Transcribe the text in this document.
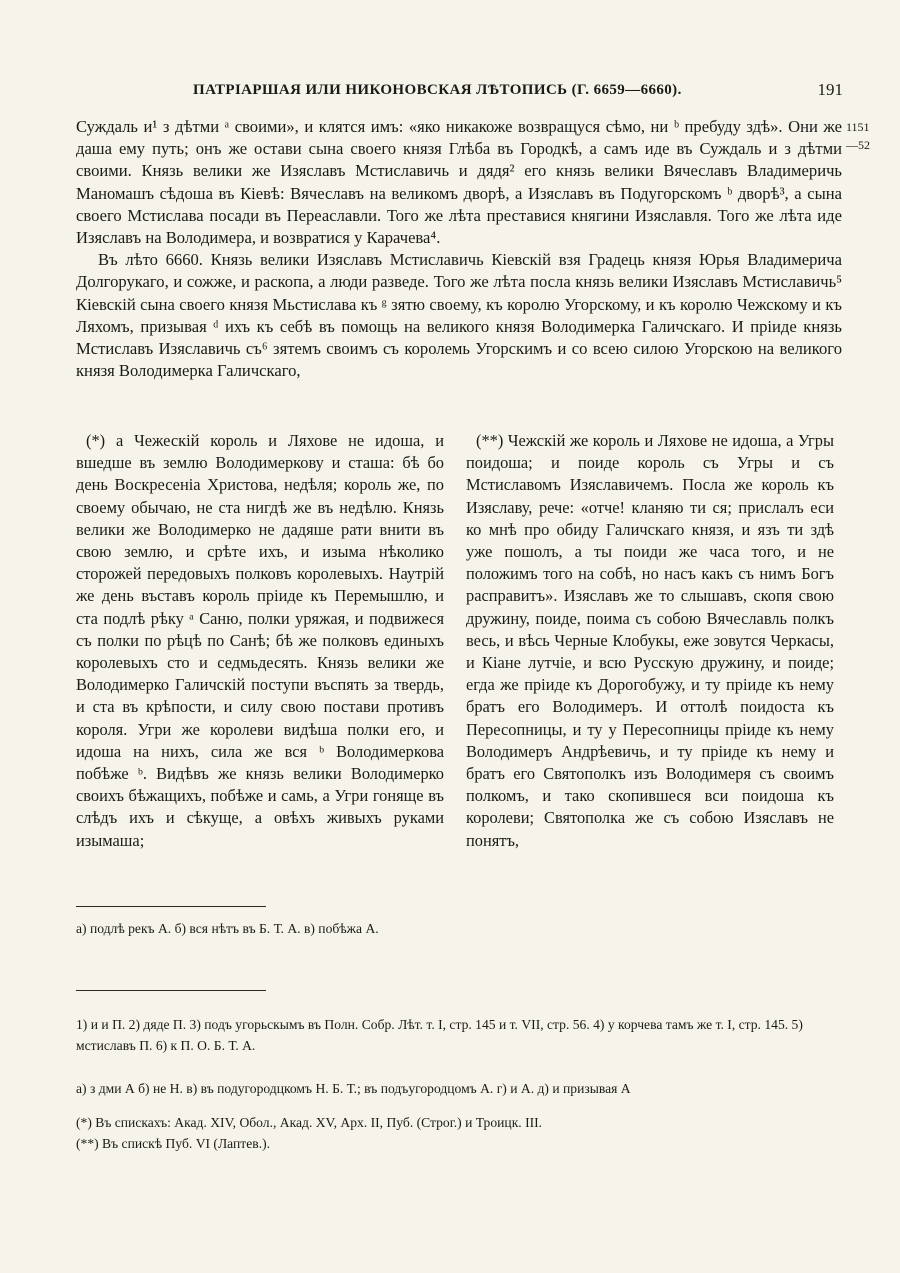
ПАТРІАРШАЯ ИЛИ НИКОНОВСКАЯ ЛѢТОПИСЬ (Г. 6659—6660).	191
1151
—52

Суждаль и¹ з дѣтми ᵃ своими», и клятся имъ: «яко никакоже возвращуся сѣмо, ни ᵇ пребуду здѣ». Они же даша ему путь; онъ же остави сына своего князя Глѣба въ Городкѣ, а самъ иде въ Суждаль и з дѣтми своими. Князь велики же Изяславъ Мстиславичь и дядя² его князь велики Вячеславъ Владимеричь Маномашъ сѣдоша въ Кіевѣ: Вячеславъ на великомъ дворѣ, а Изяславъ въ Подугорскомъ ᵇ дворѣ³, а сына своего Мстислава посади въ Переаславли. Того же лѣта преставися княгини Изяславля. Того же лѣта иде Изяславъ на Володимера, и возвратися у Карачева⁴.

Въ лѣто 6660. Князь велики Изяславъ Мстиславичь Кіевскій взя Градець князя Юрья Владимерича Долгорукаго, и сожже, и раскопа, а люди разведе. Того же лѣта посла князь велики Изяславъ Мстиславичь⁵ Кіевскій сына своего князя Мьстислава къ ᵍ зятю своему, къ королю Угорскому, и къ королю Чежскому и къ Ляхомъ, призывая ᵈ ихъ къ себѣ въ помощь на великого князя Володимерка Галичскаго. И пріиде князь Мстиславъ Изяславичь съ⁶ зятемъ своимъ съ королемь Угорскимъ и со всею силою Угорскою на великого князя Володимерка Галичскаго,

(*) а Чежескій король и Ляхове не идоша, и вшедше въ землю Володимеркову и сташа: бѣ бо день Воскресеніа Христова, недѣля; король же, по своему обычаю, не ста нигдѣ же въ недѣлю. Князь велики же Володимерко не дадяше рати внити въ свою землю, и срѣте ихъ, и изыма нѣколико сторожей передовыхъ полковъ королевыхъ. Наутрій же день въставъ король пріиде къ Перемышлю, и ста подлѣ рѣку ᵃ Саню, полки уряжая, и подвижеся съ полки по рѣцѣ по Санѣ; бѣ же полковъ единыхъ королевыхъ сто и седмьдесять. Князь велики же Володимерко Галичскій поступи въспять за твердь, и ста въ крѣпости, и силу свою постави противъ короля. Угри же королеви видѣша полки его, и идоша на нихъ, сила же вся ᵇ Володимеркова побѣже ᵇ. Видѣвъ же князь велики Володимерко своихъ бѣжащихъ, побѣже и самь, а Угри гоняще въ слѣдъ ихъ и сѣкуще, а овѣхъ живыхъ руками изымаша;

(**) Чежскій же король и Ляхове не идоша, а Угры поидоша; и поиде король съ Угры и съ Мстиславомъ Изяславичемъ. Посла же король къ Изяславу, рече: «отче! кланяю ти ся; прислалъ еси ко мнѣ про обиду Галичскаго князя, и язъ ти здѣ уже пошолъ, а ты поиди же часа того, и не положимъ того на собѣ, но насъ какъ съ нимъ Богъ расправитъ». Изяславъ же то слышавъ, скопя свою дружину, поиде, поима съ собою Вячеславль полкъ весь, и вѣсь Черные Клобукы, еже зовутся Черкасы, и Кіане лутчіе, и всю Русскую дружину, и поиде; егда же пріиде къ Дорогобужу, и ту пріиде къ нему братъ его Володимеръ. И оттолѣ поидоста къ Пересопницы, и ту у Пересопницы пріиде къ нему Володимеръ Андрѣевичь, и ту пріиде къ нему и братъ его Святополкъ изъ Володимеря съ своимъ полкомъ, и тако скопившеся вси поидоша къ королеви; Святополка же съ собою Изяславъ не понятъ,

а) подлѣ рекъ А. б) вся нѣтъ въ Б. Т. А. в) побѣжа А.

1) и и П. 2) дяде П. 3) подъ угорьскымъ въ Полн. Собр. Лѣт. т. I, стр. 145 и т. VII, стр. 56. 4) у корчева тамъ же т. I, стр. 145. 5) мстиславъ П. 6) к П. О. Б. Т. А.

а) з дми А б) не Н. в) въ подугородцкомъ Н. Б. Т.; въ подъугородцомъ А. г) и А. д) и призывая А

(*) Въ спискахъ: Акад. XIV, Обол., Акад. XV, Арх. II, Пуб. (Строг.) и Троицк. III.

(**) Въ спискѣ Пуб. VI (Лаптев.).
